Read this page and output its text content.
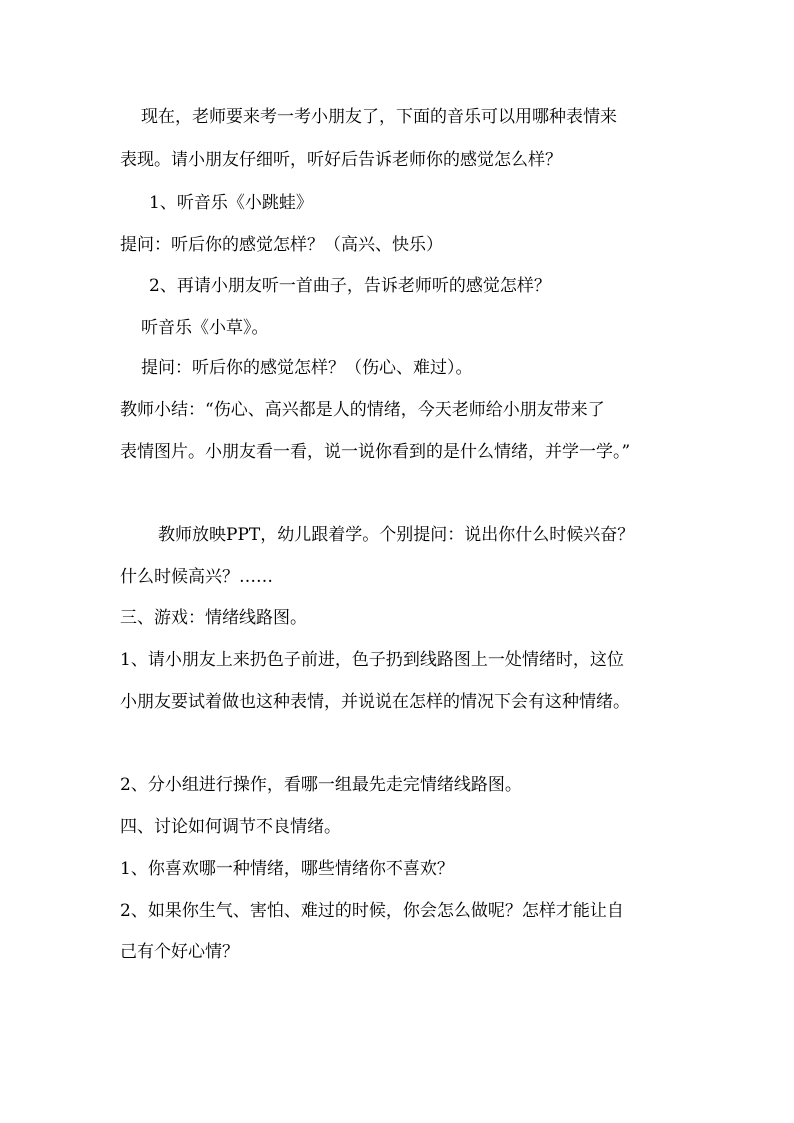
现在，老师要来考一考小朋友了，下面的音乐可以用哪种表情来
表现。请小朋友仔细听，听好后告诉老师你的感觉怎么样？
1、听音乐《小跳蛙》
提问：听后你的感觉怎样？（高兴、快乐）
2、再请小朋友听一首曲子，告诉老师听的感觉怎样？
听音乐《小草》。
提问：听后你的感觉怎样？（伤心、难过）。
教师小结：“伤心、高兴都是人的情绪，今天老师给小朋友带来了
表情图片。小朋友看一看，说一说你看到的是什么情绪，并学一学。”
教师放映PPT，幼儿跟着学。个别提问：说出你什么时候兴奋？
什么时候高兴？……
三、游戏：情绪线路图。
1、请小朋友上来扔色子前进，色子扔到线路图上一处情绪时，这位
小朋友要试着做也这种表情，并说说在怎样的情况下会有这种情绪。
2、分小组进行操作，看哪一组最先走完情绪线路图。
四、讨论如何调节不良情绪。
1、你喜欢哪一种情绪，哪些情绪你不喜欢？
2、如果你生气、害怕、难过的时候，你会怎么做呢？怎样才能让自
己有个好心情？
